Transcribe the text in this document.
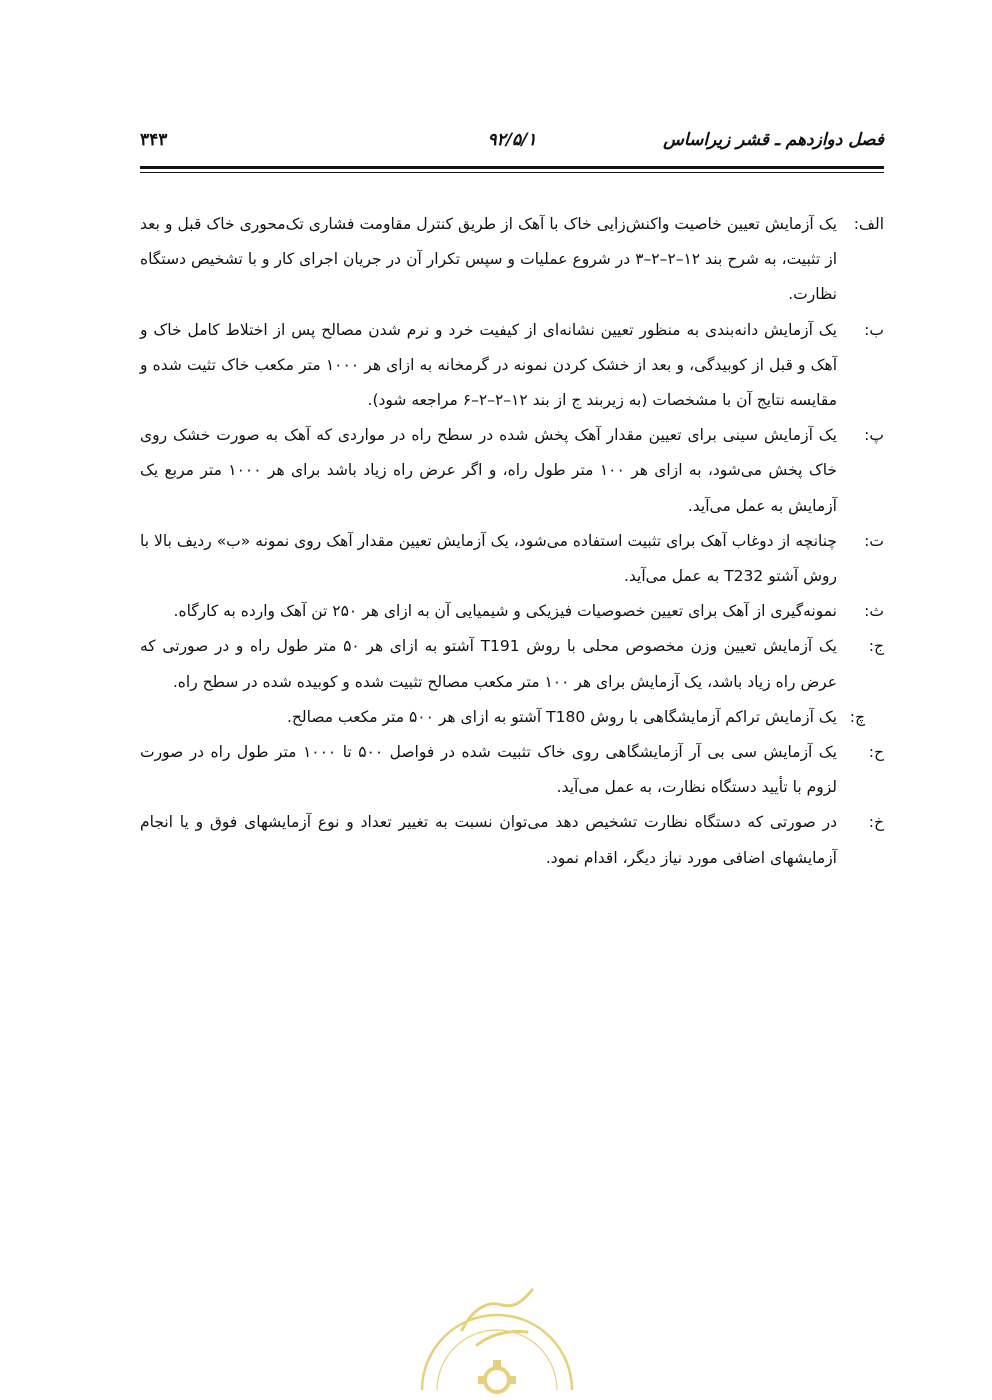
فصل دوازدهم ـ قشر زیراساس
۹۲/۵/۱
۳۴۳

الف:
یک آزمایش تعیین خاصیت واکنش‌زایی خاک با آهک از طریق کنترل مقاومت فشاری تک‌محوری خاک قبل و بعد از تثبیت، به شرح بند ۱۲–۲–۲–۳ در شروع عملیات و سپس تکرار آن در جریان اجرای کار و با تشخیص دستگاه نظارت.

ب:
یک آزمایش دانه‌بندی به منظور تعیین نشانه‌ای از کیفیت خرد و نرم شدن مصالح پس از اختلاط کامل خاک و آهک و قبل از کوبیدگی، و بعد از خشک کردن نمونه در گرمخانه به ازای هر ۱۰۰۰ متر مکعب خاک تثیت شده و مقایسه نتایج آن با مشخصات (به زیربند ج از بند ۱۲–۲–۲–۶ مراجعه شود).

پ:
یک آزمایش سینی برای تعیین مقدار آهک پخش شده در سطح راه در مواردی که آهک به صورت خشک روی خاک پخش می‌شود، به ازای هر ۱۰۰ متر طول راه، و اگر عرض راه زیاد باشد برای هر ۱۰۰۰ متر مربع یک آزمایش به عمل می‌آید.

ت:
چنانچه از دوغاب آهک برای تثبیت استفاده می‌شود، یک آزمایش تعیین مقدار آهک روی نمونه «ب» ردیف بالا با روش آشتو T232 به عمل می‌آید.

ث:
نمونه‌گیری از آهک برای تعیین خصوصیات فیزیکی و شیمیایی آن به ازای هر ۲۵۰ تن آهک وارده به کارگاه.

ج:
یک آزمایش تعیین وزن مخصوص محلی با روش T191 آشتو به ازای هر ۵۰ متر طول راه و در صورتی که عرض راه زیاد باشد، یک آزمایش برای هر ۱۰۰ متر مکعب مصالح تثبیت شده و کوبیده شده در سطح راه.

چ:
یک آزمایش تراکم آزمایشگاهی با روش T180 آشتو به ازای هر ۵۰۰ متر مکعب مصالح.

ح:
یک آزمایش سی بی آر آزمایشگاهی روی خاک تثبیت شده در فواصل ۵۰۰ تا ۱۰۰۰ متر طول راه در صورت لزوم با تأیید دستگاه نظارت، به عمل می‌آید.

خ:
در صورتی که دستگاه نظارت تشخیص دهد می‌توان نسبت به تغییر تعداد و نوع آزمایشهای فوق و یا انجام آزمایشهای اضافی مورد نیاز دیگر، اقدام نمود.

﻿
